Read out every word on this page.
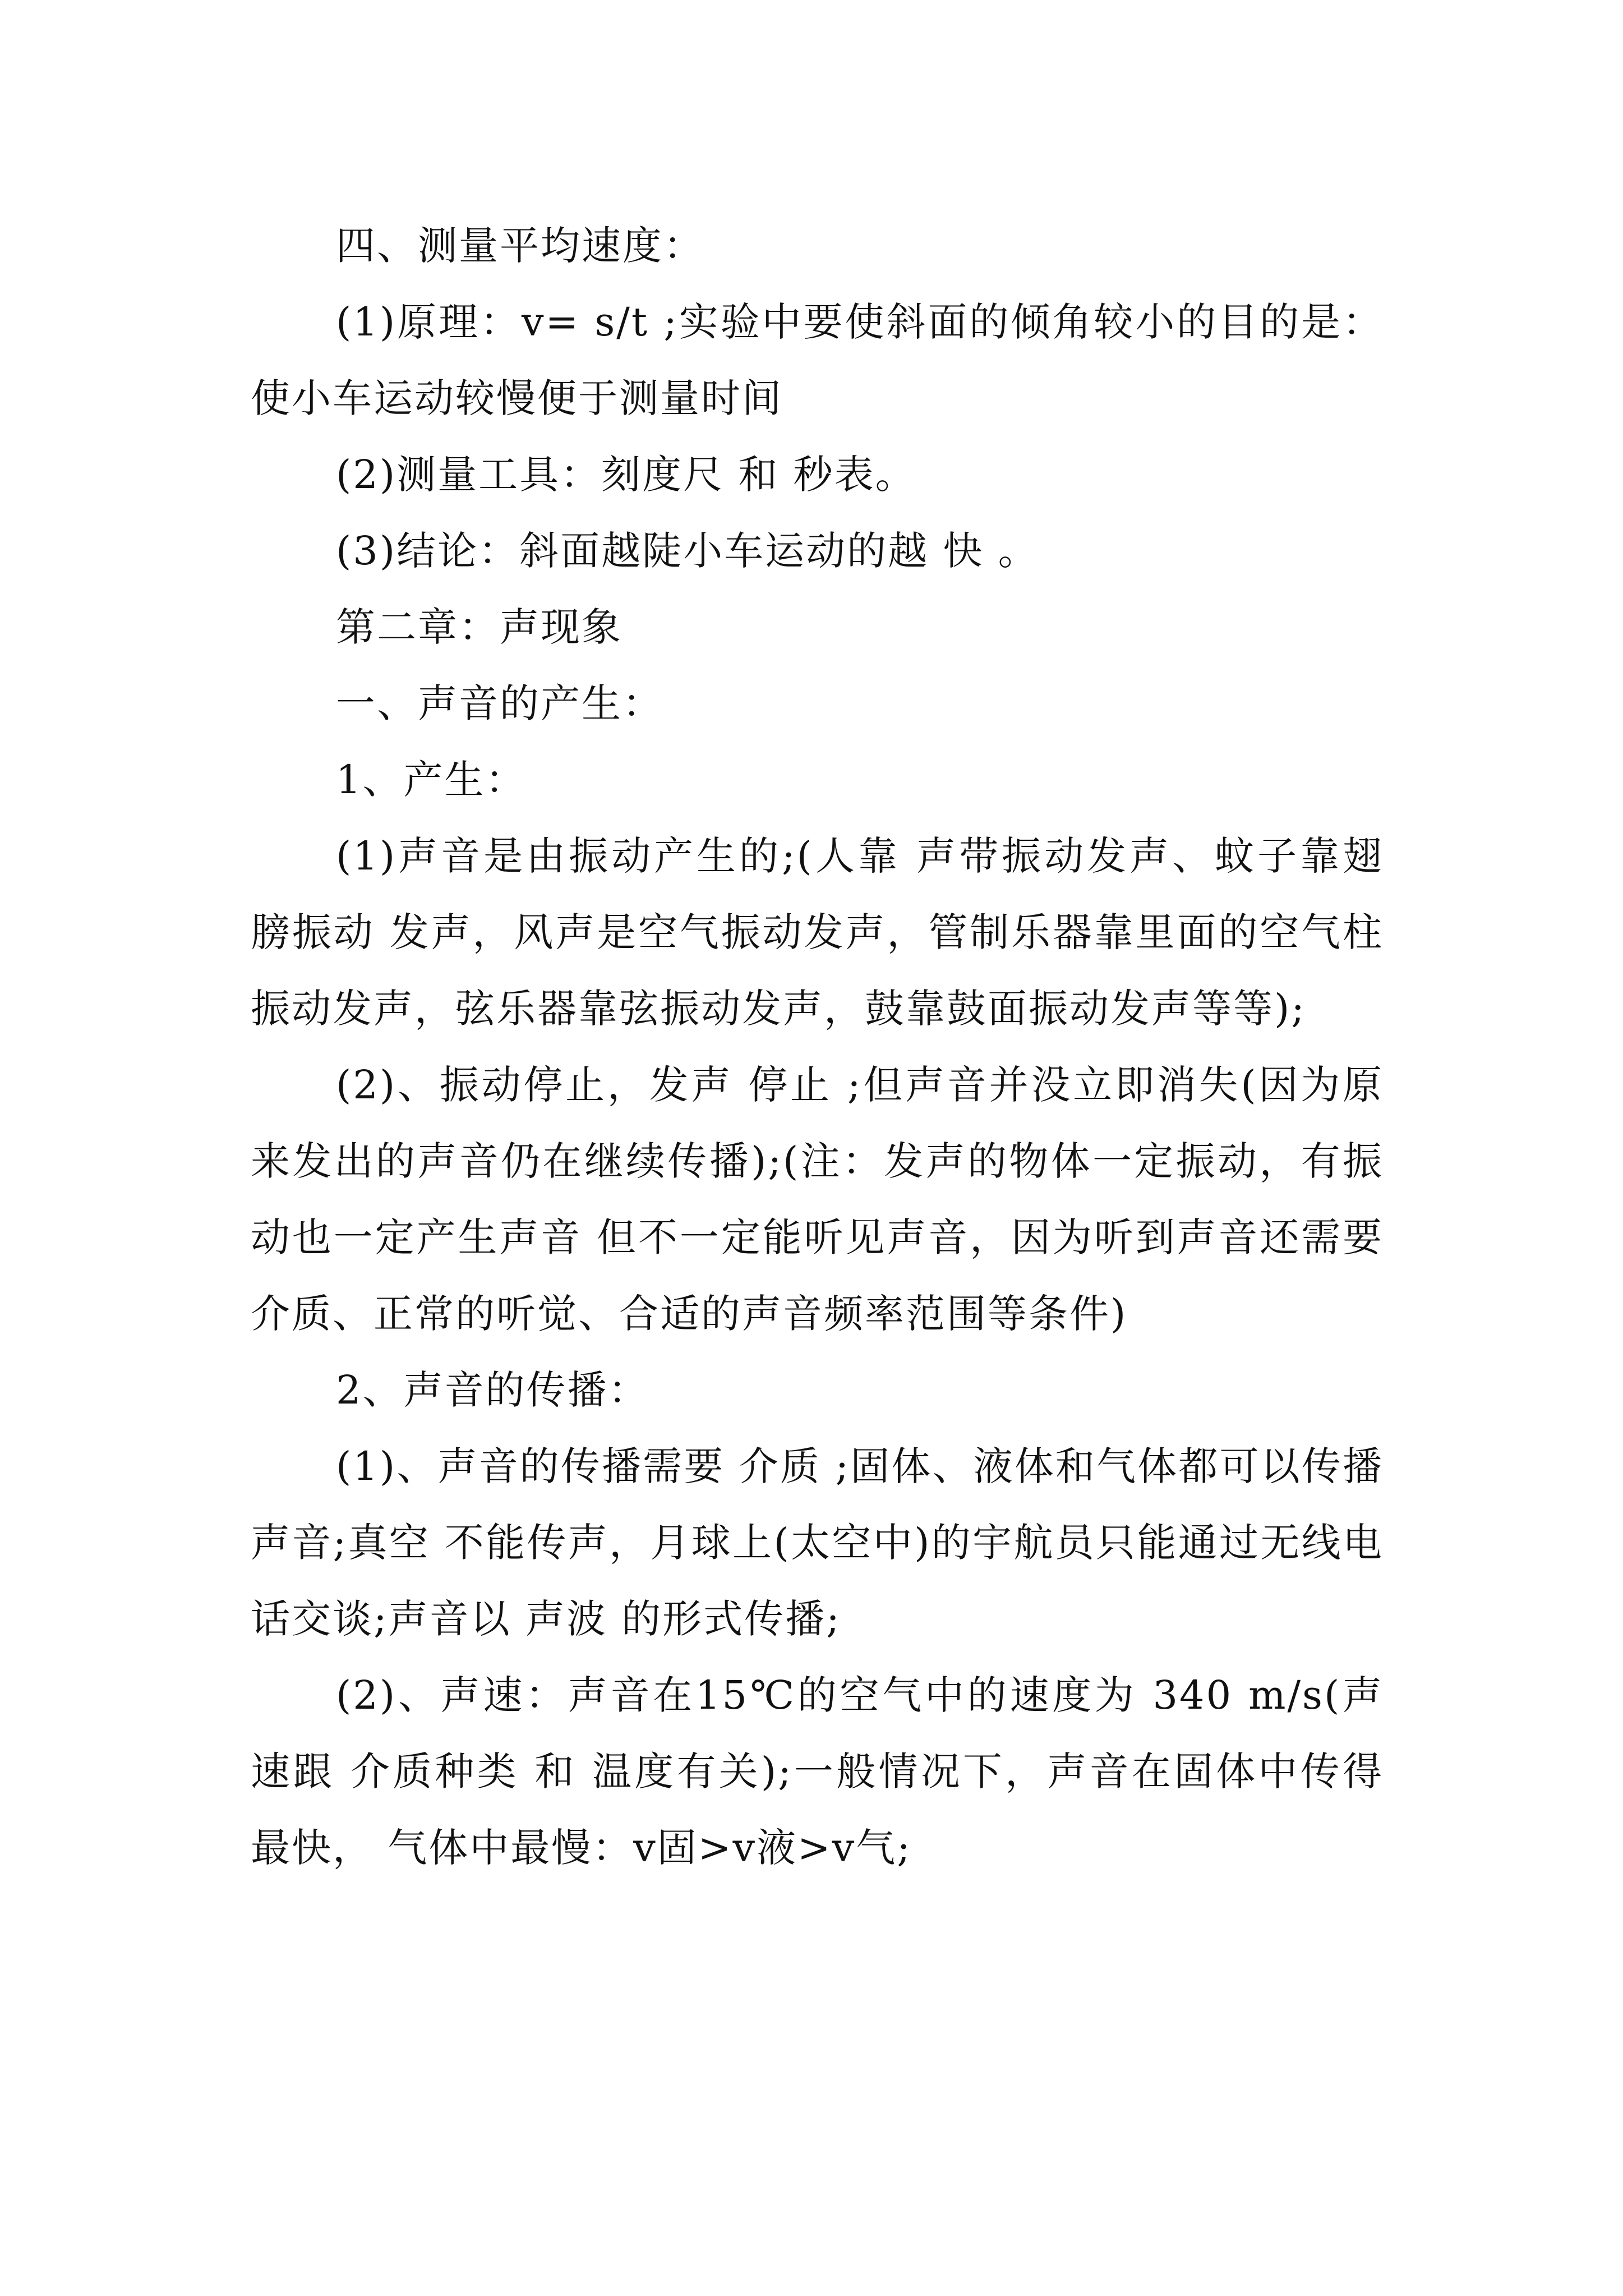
四、测量平均速度：

(1)原理：v= s/t ;实验中要使斜面的倾角较小的目的是：使小车运动较慢便于测量时间

(2)测量工具：刻度尺 和 秒表。

(3)结论：斜面越陡小车运动的越 快 。

第二章：声现象

一、声音的产生：

1、产生：

(1)声音是由振动产生的;(人靠 声带振动发声、蚊子靠翅膀振动 发声，风声是空气振动发声，管制乐器靠里面的空气柱振动发声，弦乐器靠弦振动发声，鼓靠鼓面振动发声等等);

(2)、振动停止，发声 停止 ;但声音并没立即消失(因为原来发出的声音仍在继续传播);(注：发声的物体一定振动，有振动也一定产生声音 但不一定能听见声音，因为听到声音还需要介质、正常的听觉、合适的声音频率范围等条件)

2、声音的传播：

(1)、声音的传播需要 介质 ;固体、液体和气体都可以传播声音;真空 不能传声，月球上(太空中)的宇航员只能通过无线电话交谈;声音以 声波 的形式传播;

(2)、声速：声音在15℃的空气中的速度为 340 m/s(声速跟 介质种类 和 温度有关);一般情况下，声音在固体中传得最快， 气体中最慢：v固>v液>v气;
